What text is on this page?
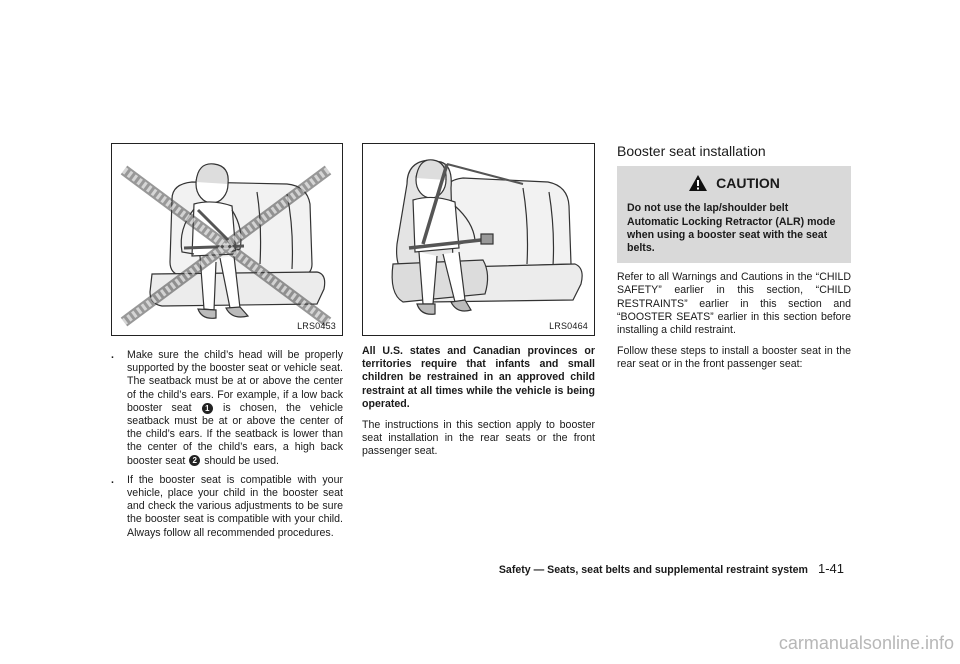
LRS0453	LRS0464
. Make sure the child’s head will be properly supported by the booster seat or vehicle seat. The seatback must be at or above the center of the child’s ears. For example, if a low back booster seat 1 is chosen, the vehicle seatback must be at or above the center of the child’s ears. If the seatback is lower than the center of the child’s ears, a high back booster seat 2 should be used.
. If the booster seat is compatible with your vehicle, place your child in the booster seat and check the various adjustments to be sure the booster seat is compatible with your child. Always follow all recommended procedures.

All U.S. states and Canadian provinces or territories require that infants and small children be restrained in an approved child restraint at all times while the vehicle is being operated.

The instructions in this section apply to booster seat installation in the rear seats or the front passenger seat.

Booster seat installation
CAUTION
Do not use the lap/shoulder belt Automatic Locking Retractor (ALR) mode when using a booster seat with the seat belts.

Refer to all Warnings and Cautions in the “CHILD SAFETY” earlier in this section, “CHILD RESTRAINTS” earlier in this section and “BOOSTER SEATS” earlier in this section before installing a child restraint.

Follow these steps to install a booster seat in the rear seat or in the front passenger seat:

Safety — Seats, seat belts and supplemental restraint system 1-41
carmanualsonline.info
